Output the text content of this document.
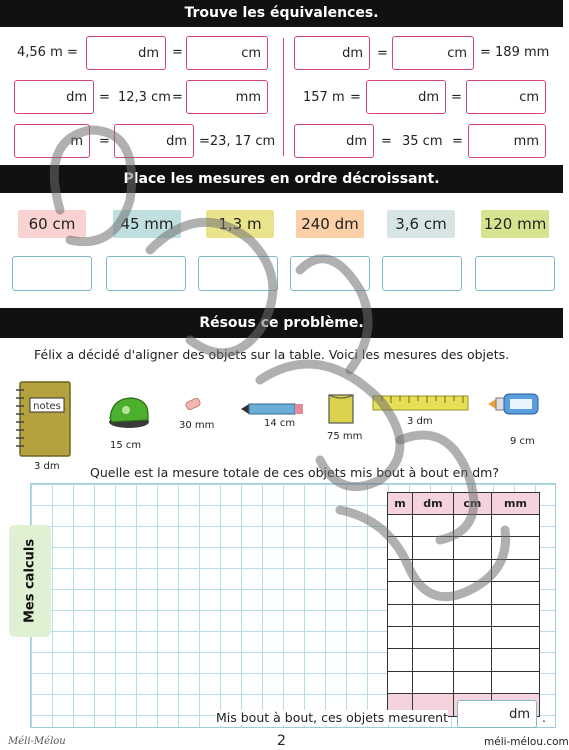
Trouve les équivalences.
4,56 m =	dm =	cm
dm = 12,3 cm =	mm
m =	dm =23, 17 cm
dm =	cm = 189 mm
157 m =	dm =	cm
dm = 35 cm =	mm
Place les mesures en ordre décroissant.
60 cm	45 mm	1,3 m	240 dm	3,6 cm	120 mm
Résous ce problème.
Félix a décidé d'aligner des objets sur la table. Voici les mesures des objets.
notes
3 dm
15 cm
30 mm	14 cm
75 mm
3 dm
9 cm
Quelle est la mesure totale de ces objets mis bout à bout en dm?
Mes calculs
m	dm	cm	mm

Mis bout à bout, ces objets mesurent	dm .
Méli-Mélou	2	méli-mélou.com
